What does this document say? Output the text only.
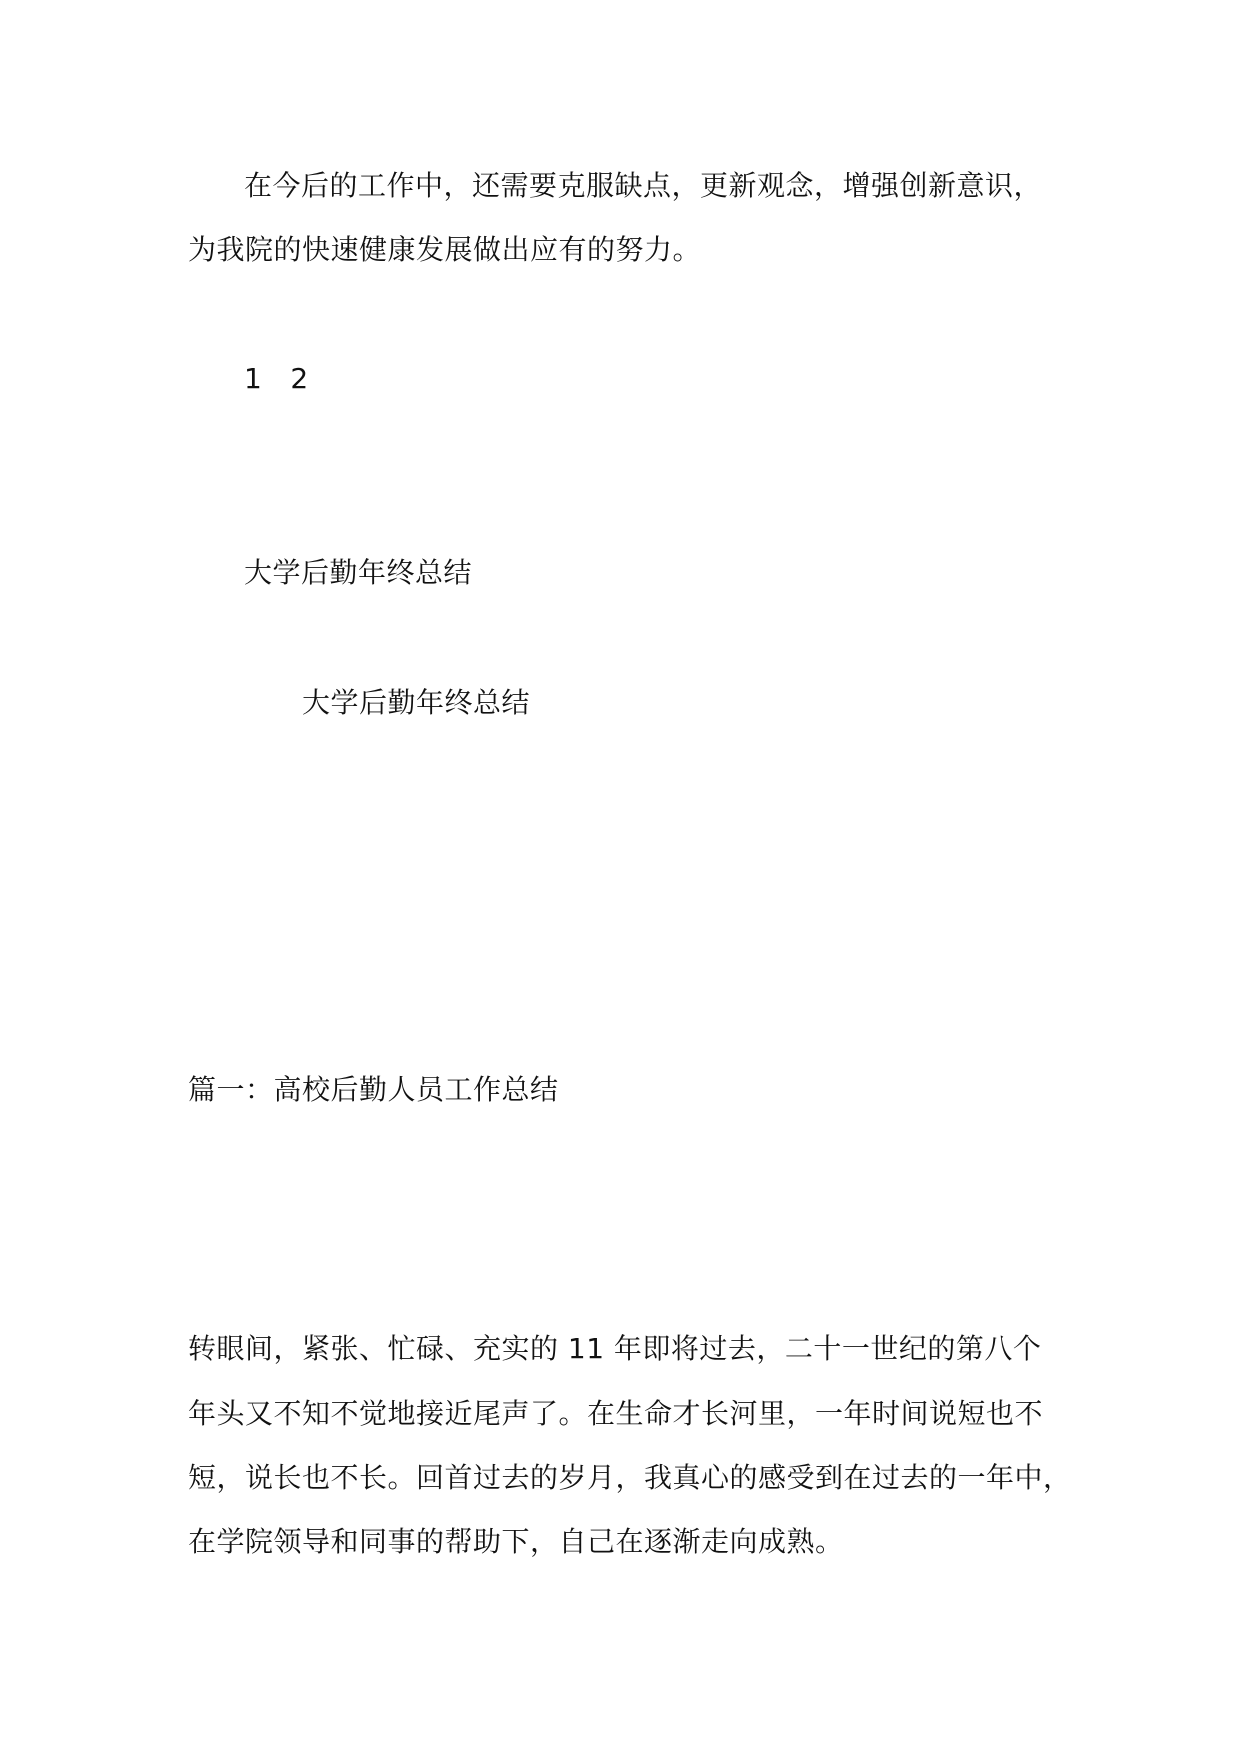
在今后的工作中，还需要克服缺点，更新观念，增强创新意识，
为我院的快速健康发展做出应有的努力。
1 2
大学后勤年终总结
大学后勤年终总结
篇一：高校后勤人员工作总结
转眼间，紧张、忙碌、充实的 11 年即将过去，二十一世纪的第八个
年头又不知不觉地接近尾声了。在生命才长河里，一年时间说短也不
短，说长也不长。回首过去的岁月，我真心的感受到在过去的一年中，
在学院领导和同事的帮助下，自己在逐渐走向成熟。
